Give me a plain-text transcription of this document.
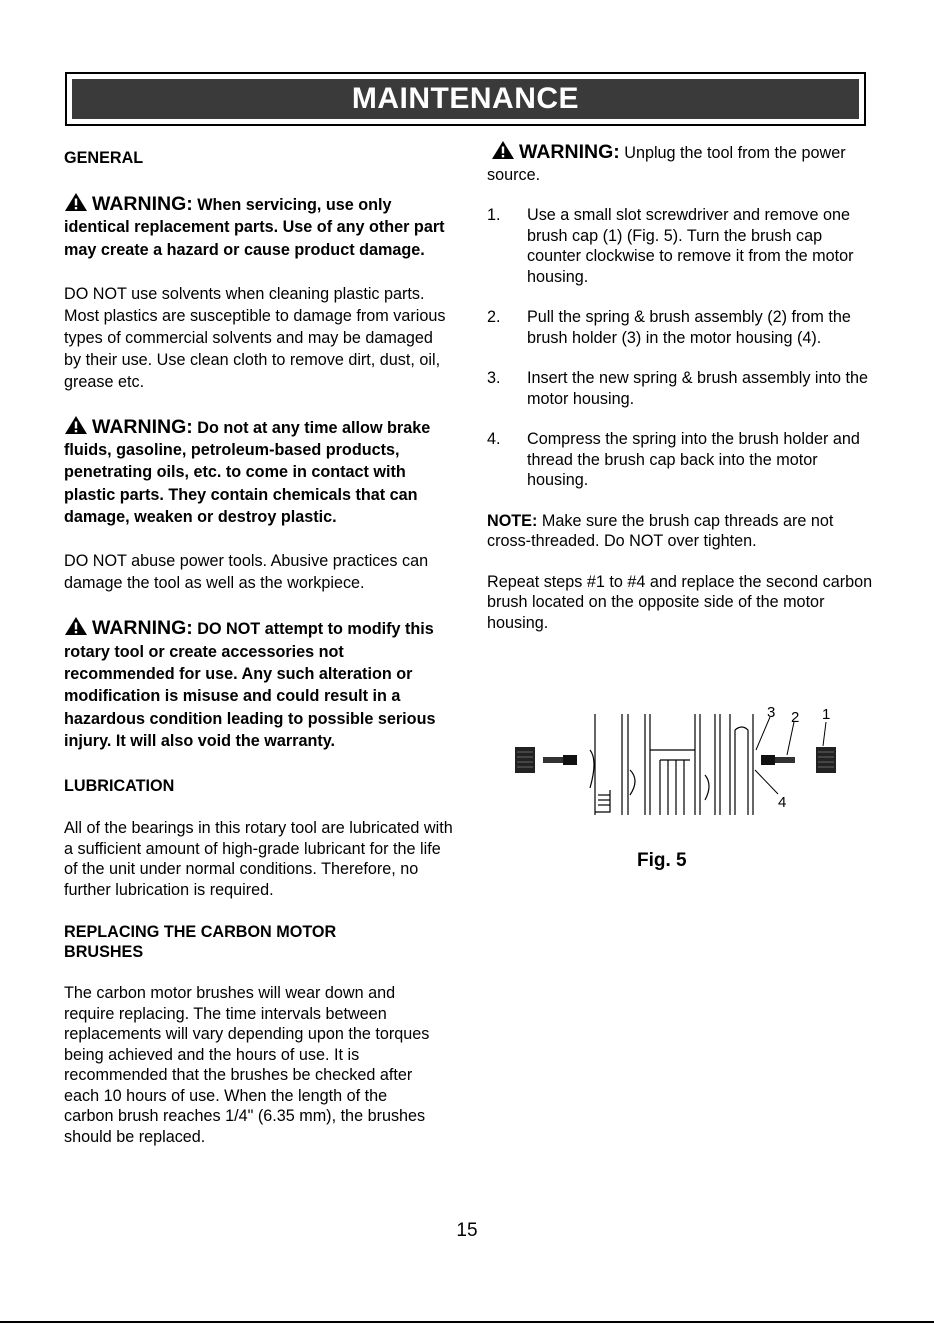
MAINTENANCE

GENERAL

WARNING: When servicing, use only identical replacement parts. Use of any other part may create a hazard or cause product damage.

DO NOT use solvents when cleaning plastic parts. Most plastics are susceptible to damage from various types of commercial solvents and may be damaged by their use. Use clean cloth to remove dirt, dust, oil, grease etc.

WARNING: Do not at any time allow brake fluids, gasoline, petroleum-based products, penetrating oils, etc. to come in contact with plastic parts. They contain chemicals that can damage, weaken or destroy plastic.

DO NOT abuse power tools. Abusive practices can damage the tool as well as the workpiece.

WARNING: DO NOT attempt to modify this rotary tool or create accessories not recommended for use. Any such alteration or modification is misuse and could result in a hazardous condition leading to possible serious injury. It will also void the warranty.

LUBRICATION

All of the bearings in this rotary tool are lubricated with a sufficient amount of high-grade lubricant for the life of the unit under normal conditions. Therefore, no further lubrication is required.

REPLACING THE CARBON MOTOR BRUSHES

The carbon motor brushes will wear down and require replacing. The time intervals between replacements will vary depending upon the torques being achieved and the hours of use. It is recommended that the brushes be checked after each 10 hours of use. When the length of the carbon brush reaches 1/4" (6.35 mm), the brushes should be replaced.

WARNING: Unplug the tool from the power source.

1. Use a small slot screwdriver and remove one brush cap (1) (Fig. 5). Turn the brush cap counter clockwise to remove it from the motor housing.
2. Pull the spring & brush assembly (2) from the brush holder (3) in the motor housing (4).
3. Insert the new spring & brush assembly into the motor housing.
4. Compress the spring into the brush holder and thread the brush cap back into the motor housing.

NOTE: Make sure the brush cap threads are not cross-threaded. Do NOT over tighten.

Repeat steps #1 to #4 and replace the second carbon brush located on the opposite side of the motor housing.

3 2 1
4
Fig. 5
15
